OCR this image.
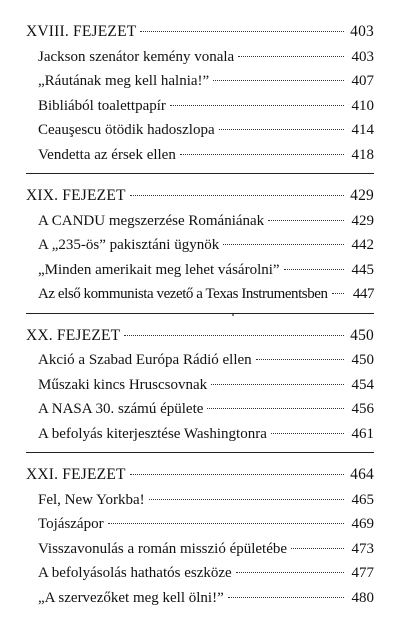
XVIII. FEJEZET	403
Jackson szenátor kemény vonala	403
„Ráutának meg kell halnia!”	407
Bibliából toalettpapír	410
Ceauşescu ötödik hadoszlopa	414
Vendetta az érsek ellen	418
XIX. FEJEZET	429
A CANDU megszerzése Romániának	429
A „235-ös” pakisztáni ügynök	442
„Minden amerikait meg lehet vásárolni”	445
Az első kommunista vezető a Texas Instrumentsben	447
XX. FEJEZET	450
Akció a Szabad Európa Rádió ellen	450
Műszaki kincs Hruscsovnak	454
A NASA 30. számú épülete	456
A befolyás kiterjesztése Washingtonra	461
XXI. FEJEZET	464
Fel, New Yorkba!	465
Tojászápor	469
Visszavonulás a román misszió épületébe	473
A befolyásolás hathatós eszköze	477
„A szervezőket meg kell ölni!”	480
